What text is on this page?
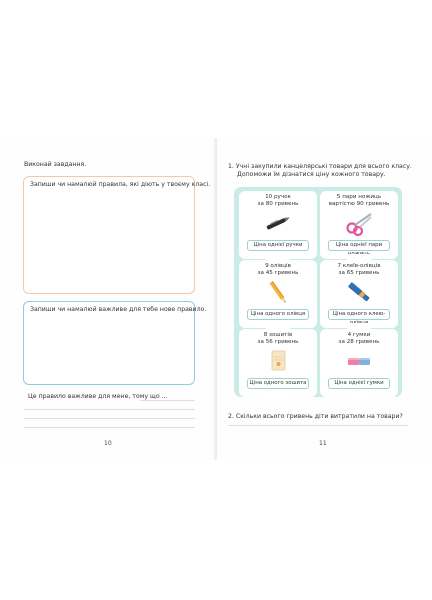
Виконай завдання.
Запиши чи намалюй правила, які діють у твоєму класі.
Запиши чи намалюй важливе для тебе нове правило.
Це правило важливе для мене, тому що ...
10
1. Учні закупили канцелярські товари для всього класу.
Допоможи їм дізнатися ціну кожного товару.
10 ручок
за 80 гривень
Ціна однієї ручки
5 пари ножиць
вартістю 90 гривень
Ціна однієї пари
9 олівців
за 45 гривень
Ціна одного олівця
7 клеїв-олівців
за 65 гривень
Ціна одного клею-
8 зошитів
за 56 гривень
Ціна одного зошита
4 гумки
за 28 гривень
Ціна однієї гумки
2. Скільки всього гривень діти витратили на товари?
11
